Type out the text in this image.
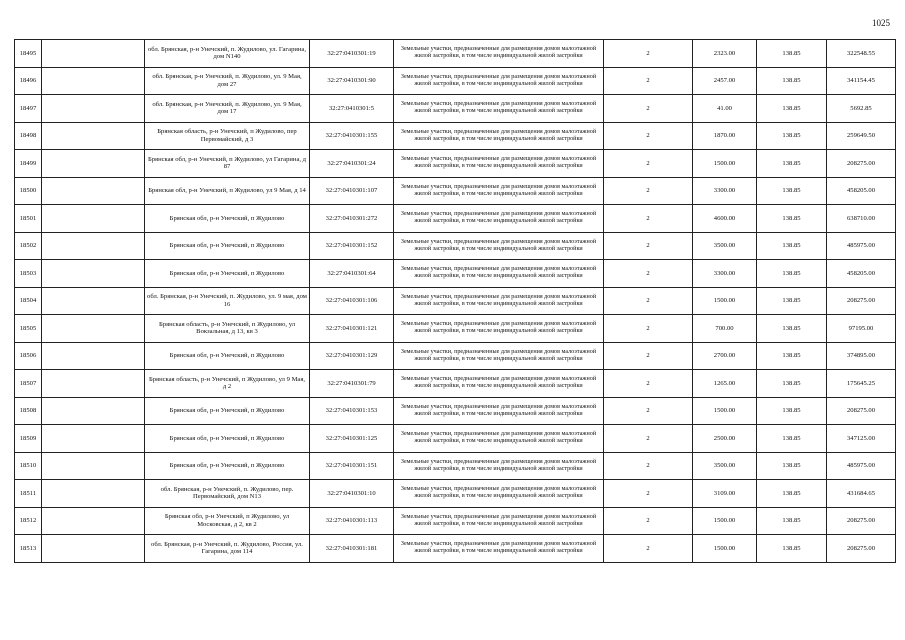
1025
18495		обл. Брянская, р-н Унечский, п. Жудилово, ул. Гагарина, дом N140	32:27:0410301:19	Земельные участки, предназначенные для размещения домов малоэтажной жилой застройки, в том числе индивидуальной жилой застройки	2	2323.00	138.85	322548.55
18496		обл. Брянская, р-н Унечский, п. Жудилово, ул. 9 Мая, дом 27	32:27:0410301:90	Земельные участки, предназначенные для размещения домов малоэтажной жилой застройки, в том числе индивидуальной жилой застройки	2	2457.00	138.85	341154.45
18497		обл. Брянская, р-н Унечский, п. Жудилово, ул. 9 Мая, дом 17	32:27:0410301:5	Земельные участки, предназначенные для размещения домов малоэтажной жилой застройки, в том числе индивидуальной жилой застройки	2	41.00	138.85	5692.85
18498		Брянская область, р-н Унечский, п Жудилово, пер Первомайский, д 3	32:27:0410301:155	Земельные участки, предназначенные для размещения домов малоэтажной жилой застройки, в том числе индивидуальной жилой застройки	2	1870.00	138.85	259649.50
18499		Брянская обл, р-н Унечский, п Жудилово, ул Гагарина, д 87	32:27:0410301:24	Земельные участки, предназначенные для размещения домов малоэтажной жилой застройки, в том числе индивидуальной жилой застройки	2	1500.00	138.85	208275.00
18500		Брянская обл, р-н Унечский, п Жудилово, ул 9 Мая, д 14	32:27:0410301:107	Земельные участки, предназначенные для размещения домов малоэтажной жилой застройки, в том числе индивидуальной жилой застройки	2	3300.00	138.85	458205.00
18501		Брянская обл, р-н Унечский, п Жудилово	32:27:0410301:272	Земельные участки, предназначенные для размещения домов малоэтажной жилой застройки, в том числе индивидуальной жилой застройки	2	4600.00	138.85	638710.00
18502		Брянская обл, р-н Унечский, п Жудилово	32:27:0410301:152	Земельные участки, предназначенные для размещения домов малоэтажной жилой застройки, в том числе индивидуальной жилой застройки	2	3500.00	138.85	485975.00
18503		Брянская обл, р-н Унечский, п Жудилово	32:27:0410301:64	Земельные участки, предназначенные для размещения домов малоэтажной жилой застройки, в том числе индивидуальной жилой застройки	2	3300.00	138.85	458205.00
18504		обл. Брянская, р-н Унечский, п. Жудилово, ул. 9 мая, дом 16	32:27:0410301:106	Земельные участки, предназначенные для размещения домов малоэтажной жилой застройки, в том числе индивидуальной жилой застройки	2	1500.00	138.85	208275.00
18505		Брянская область, р-н Унечский, п Жудилово, ул Вокзальная, д 13, кв 3	32:27:0410301:121	Земельные участки, предназначенные для размещения домов малоэтажной жилой застройки, в том числе индивидуальной жилой застройки	2	700.00	138.85	97195.00
18506		Брянская обл, р-н Унечский, п Жудилово	32:27:0410301:129	Земельные участки, предназначенные для размещения домов малоэтажной жилой застройки, в том числе индивидуальной жилой застройки	2	2700.00	138.85	374895.00
18507		Брянская область, р-н Унечский, п Жудилово, ул 9 Мая, д 2	32:27:0410301:79	Земельные участки, предназначенные для размещения домов малоэтажной жилой застройки, в том числе индивидуальной жилой застройки	2	1265.00	138.85	175645.25
18508		Брянская обл, р-н Унечский, п Жудилово	32:27:0410301:153	Земельные участки, предназначенные для размещения домов малоэтажной жилой застройки, в том числе индивидуальной жилой застройки	2	1500.00	138.85	208275.00
18509		Брянская обл, р-н Унечский, п Жудилово	32:27:0410301:125	Земельные участки, предназначенные для размещения домов малоэтажной жилой застройки, в том числе индивидуальной жилой застройки	2	2500.00	138.85	347125.00
18510		Брянская обл, р-н Унечский, п Жудилово	32:27:0410301:151	Земельные участки, предназначенные для размещения домов малоэтажной жилой застройки, в том числе индивидуальной жилой застройки	2	3500.00	138.85	485975.00
18511		обл. Брянская, р-н Унечский, п. Жудилово, пер. Первомайский, дом N13	32:27:0410301:10	Земельные участки, предназначенные для размещения домов малоэтажной жилой застройки, в том числе индивидуальной жилой застройки	2	3109.00	138.85	431684.65
18512		Брянская обл, р-н Унечский, п Жудилово, ул Московская, д 2, кв 2	32:27:0410301:113	Земельные участки, предназначенные для размещения домов малоэтажной жилой застройки, в том числе индивидуальной жилой застройки	2	1500.00	138.85	208275.00
18513		обл. Брянская, р-н Унечский, п. Жудилово, Россия, ул. Гагарина, дом 114	32:27:0410301:181	Земельные участки, предназначенные для размещения домов малоэтажной жилой застройки, в том числе индивидуальной жилой застройки	2	1500.00	138.85	208275.00
